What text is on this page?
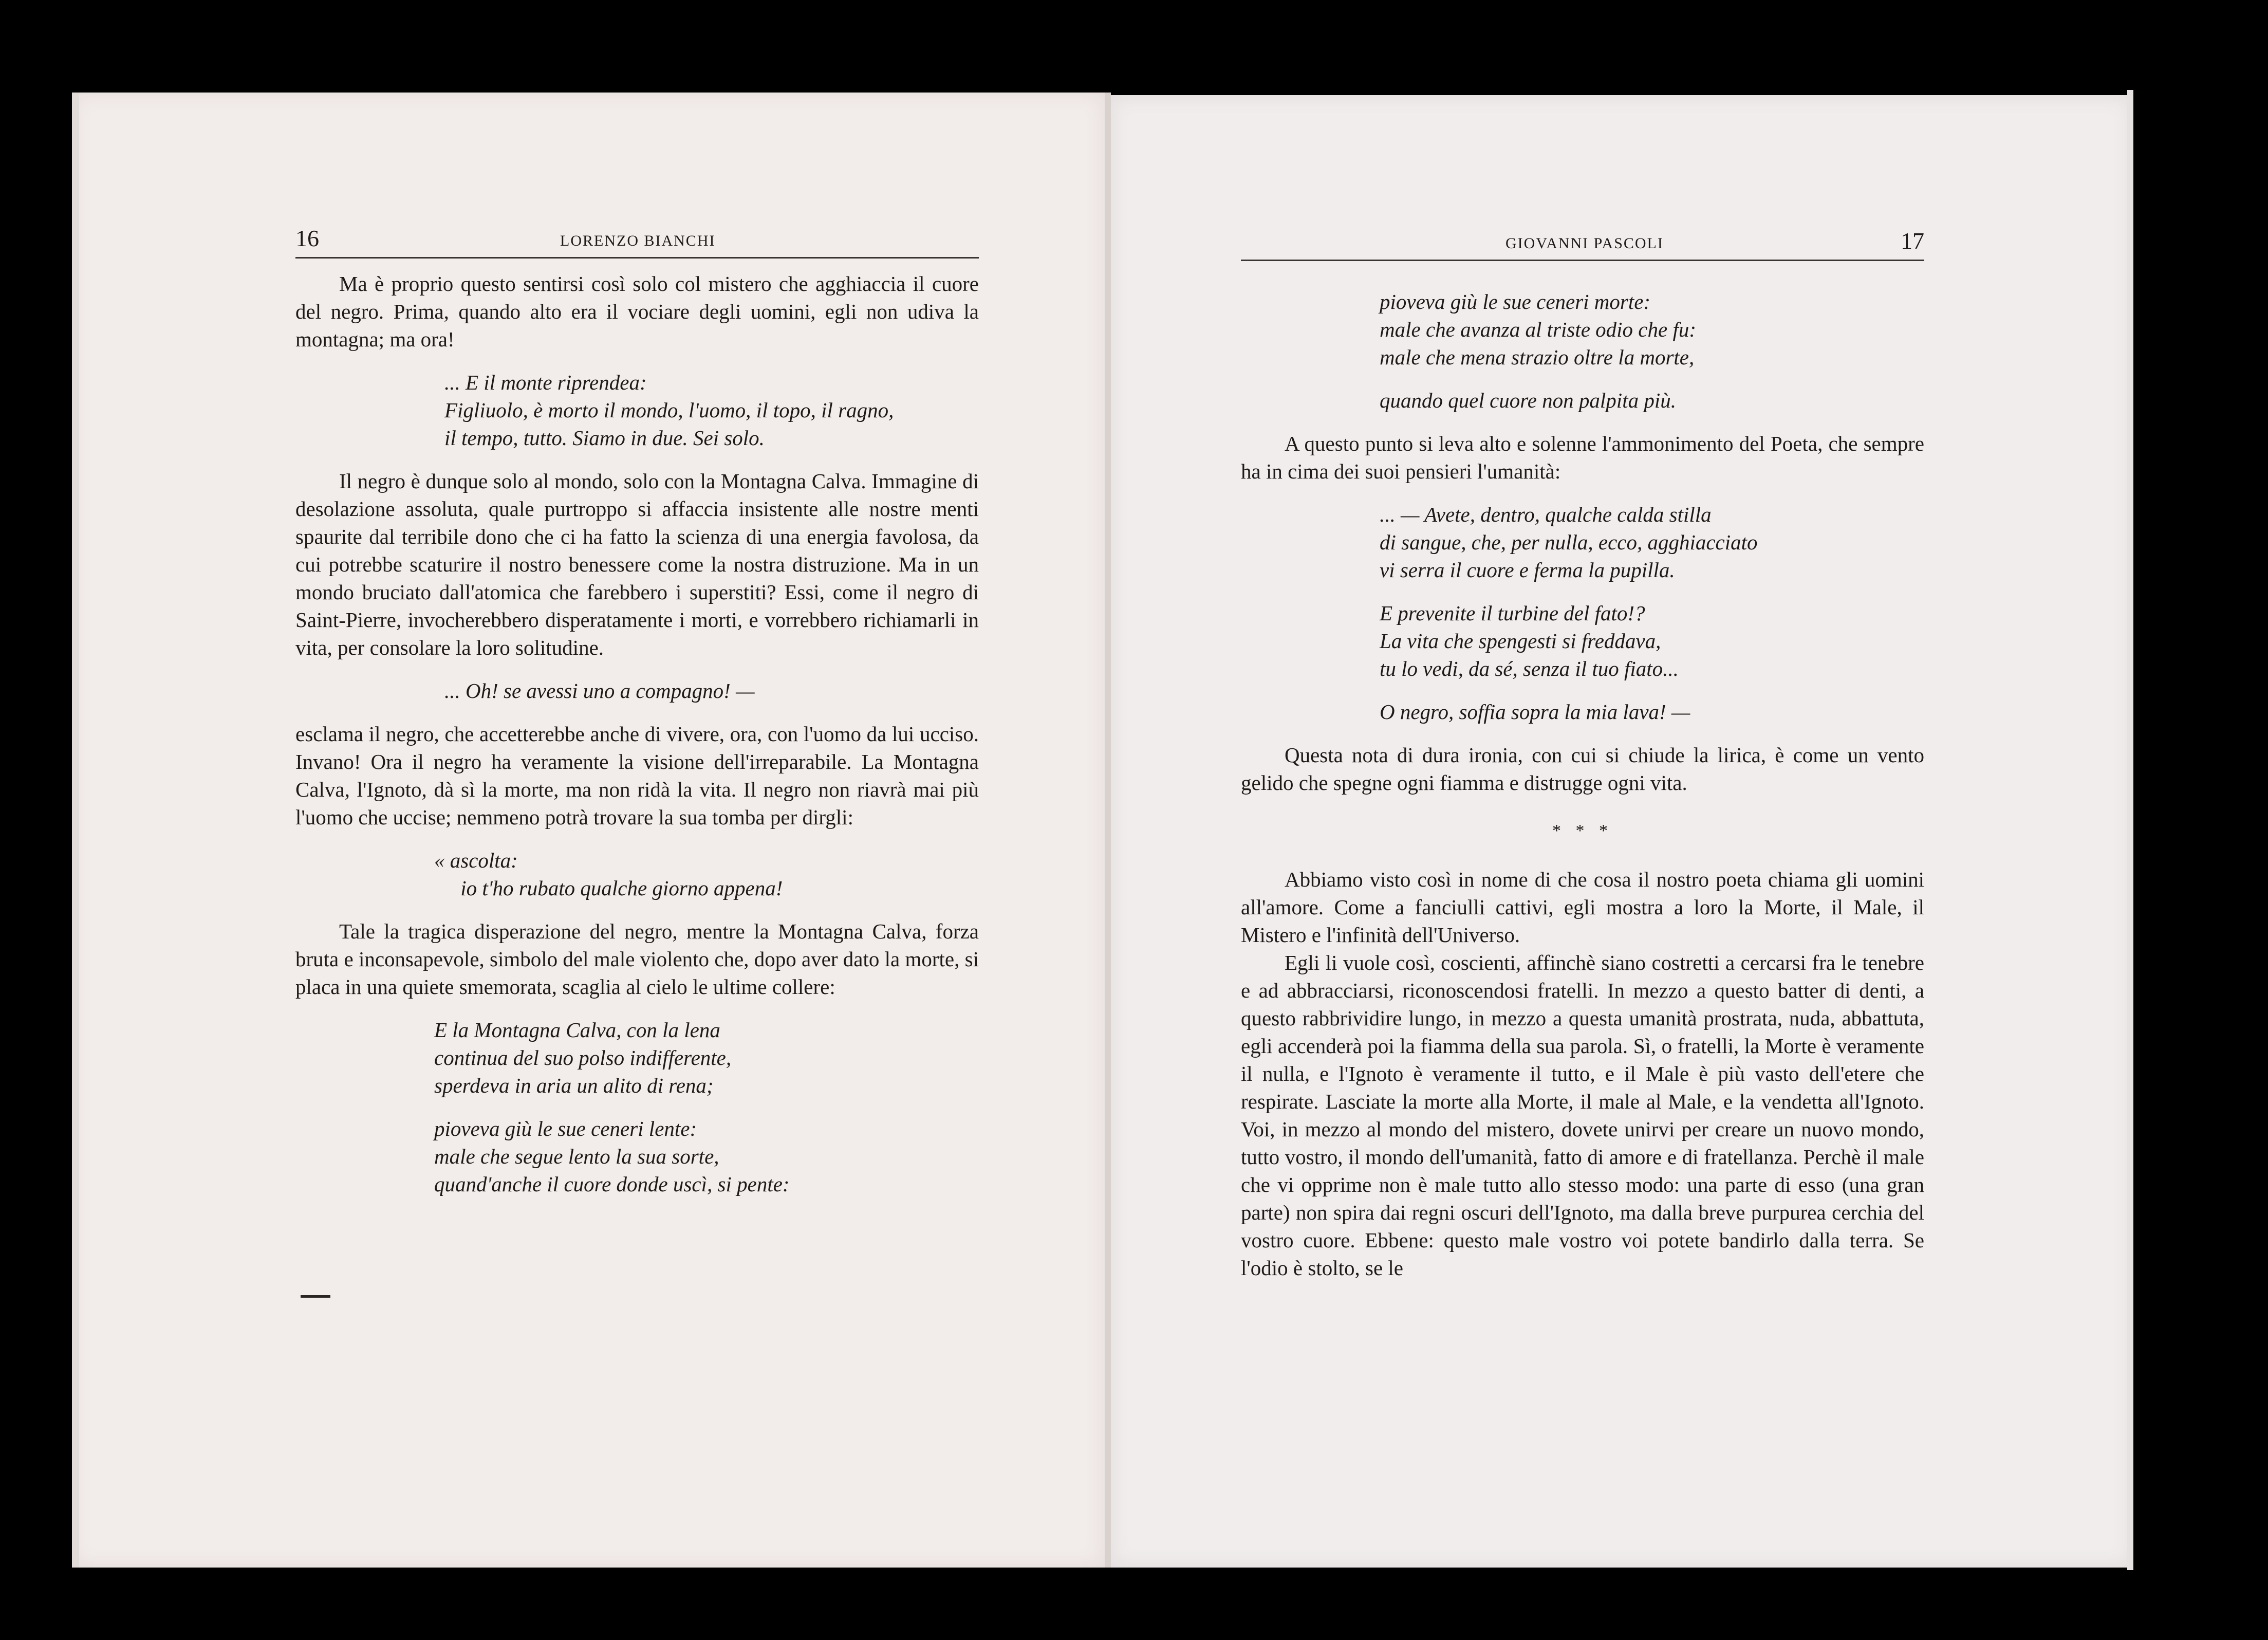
16	LORENZO BIANCHI	GIOVANNI PASCOLI	17

Ma è proprio questo sentirsi così solo col mistero che agghiaccia il cuore del negro. Prima, quando alto era il vociare degli uomini, egli non udiva la montagna; ma ora!

... E il monte riprendea:
Figliuolo, è morto il mondo, l'uomo, il topo, il ragno,
il tempo, tutto. Siamo in due. Sei solo.

Il negro è dunque solo al mondo, solo con la Montagna Calva. Immagine di desolazione assoluta, quale purtroppo si affaccia insistente alle nostre menti spaurite dal terribile dono che ci ha fatto la scienza di una energia favolosa, da cui potrebbe scaturire il nostro benessere come la nostra distruzione. Ma in un mondo bruciato dall'atomica che farebbero i superstiti? Essi, come il negro di Saint-Pierre, invocherebbero disperatamente i morti, e vorrebbero richiamarli in vita, per consolare la loro solitudine.

... Oh! se avessi uno a compagno! —

esclama il negro, che accetterebbe anche di vivere, ora, con l'uomo da lui ucciso. Invano! Ora il negro ha veramente la visione dell'irreparabile. La Montagna Calva, l'Ignoto, dà sì la morte, ma non ridà la vita. Il negro non riavrà mai più l'uomo che uccise; nemmeno potrà trovare la sua tomba per dirgli:

« ascolta:
io t'ho rubato qualche giorno appena!

Tale la tragica disperazione del negro, mentre la Montagna Calva, forza bruta e inconsapevole, simbolo del male violento che, dopo aver dato la morte, si placa in una quiete smemorata, scaglia al cielo le ultime collere:

E la Montagna Calva, con la lena
continua del suo polso indifferente,
sperdeva in aria un alito di rena;
pioveva giù le sue ceneri lente:
male che segue lento la sua sorte,
quand'anche il cuore donde uscì, si pente:
pioveva giù le sue ceneri morte:
male che avanza al triste odio che fu:
male che mena strazio oltre la morte,
quando quel cuore non palpita più.

A questo punto si leva alto e solenne l'ammonimento del Poeta, che sempre ha in cima dei suoi pensieri l'umanità:

... — Avete, dentro, qualche calda stilla
di sangue, che, per nulla, ecco, agghiacciato
vi serra il cuore e ferma la pupilla.
E prevenite il turbine del fato!?
La vita che spengesti si freddava,
tu lo vedi, da sé, senza il tuo fiato...
O negro, soffia sopra la mia lava! —

Questa nota di dura ironia, con cui si chiude la lirica, è come un vento gelido che spegne ogni fiamma e distrugge ogni vita.

* * *

Abbiamo visto così in nome di che cosa il nostro poeta chiama gli uomini all'amore. Come a fanciulli cattivi, egli mostra a loro la Morte, il Male, il Mistero e l'infinità dell'Universo.

Egli li vuole così, coscienti, affinchè siano costretti a cercarsi fra le tenebre e ad abbracciarsi, riconoscendosi fratelli. In mezzo a questo batter di denti, a questo rabbrividire lungo, in mezzo a questa umanità prostrata, nuda, abbattuta, egli accenderà poi la fiamma della sua parola. Sì, o fratelli, la Morte è veramente il nulla, e l'Ignoto è veramente il tutto, e il Male è più vasto dell'etere che respirate. Lasciate la morte alla Morte, il male al Male, e la vendetta all'Ignoto. Voi, in mezzo al mondo del mistero, dovete unirvi per creare un nuovo mondo, tutto vostro, il mondo dell'umanità, fatto di amore e di fratellanza. Perchè il male che vi opprime non è male tutto allo stesso modo: una parte di esso (una gran parte) non spira dai regni oscuri dell'Ignoto, ma dalla breve purpurea cerchia del vostro cuore. Ebbene: questo male vostro voi potete bandirlo dalla terra. Se l'odio è stolto, se le
